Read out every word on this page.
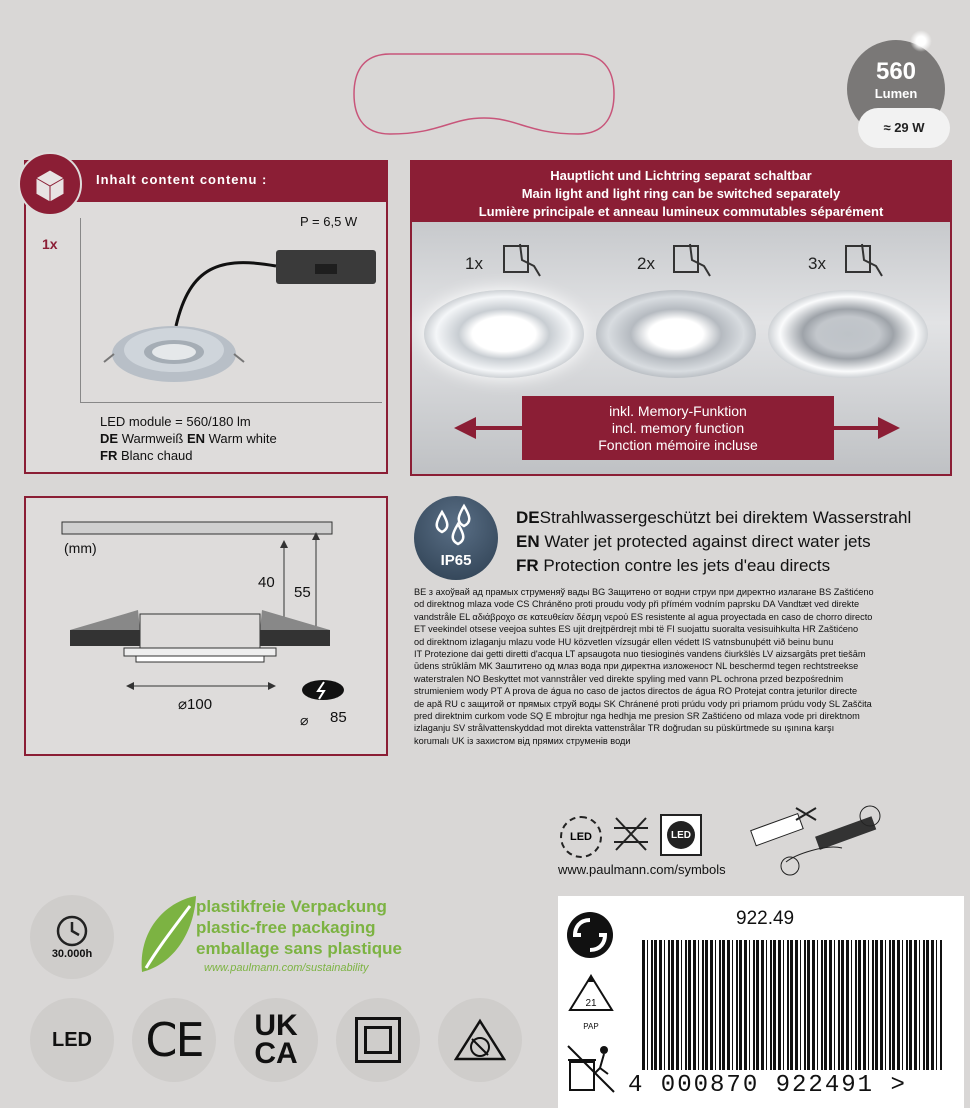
560
Lumen
≈ 29 W
Inhalt content contenu :
1x
P = 6,5 W
LED module = 560/180 lm
DE Warmweiß EN Warm white
FR Blanc chaud
Hauptlicht und Lichtring separat schaltbar
Main light and light ring can be switched separately
Lumière principale et anneau lumineux commutables séparément
1x	2x	3x
inkl. Memory-Funktion
incl. memory function
Fonction mémoire incluse
(mm)
40
55
⌀100
⌀ 85
IP65
DEStrahlwassergeschützt bei direktem Wasserstrahl
EN Water jet protected against direct water jets
FR Protection contre les jets d'eau directs
BE з ахоўвай ад прамых струменяў вады BG Защитено от водни струи при директно излагане BS Zaštićeno
od direktnog mlaza vode CS Chráněno proti proudu vody při přímém vodním paprsku DA Vandtæt ved direkte
vandstråle EL αδιάβροχο σε κατευθείαν δέσμη νερού ES resistente al agua proyectada en caso de chorro directo
ET veekindel otsese veejoa suhtes ES ujit drejtpërdrejt mbi të FI suojattu suoraltа vesisuihkulta HR Zaštićeno
od direktnom izlaganju mlazu vode HU közvetlen vízsugár ellen védett IS vatnsbunuþétt við beinu bunu
IT Protezione dai getti diretti d'acqua LT apsaugota nuo tiesioginės vandens čiurkšlės LV aizsargāts pret tiešām
ūdens strūklām MK Заштитено од млаз вода при директна изложеност NL beschermd tegen rechtstreekse
waterstralen NO Beskyttet mot vannstråler ved direkte spyling med vann PL ochrona przed bezpośrednim
strumieniem wody PT A prova de água no caso de jactos directos de água RO Protejat contra jeturilor directe
de apă RU с защитой от прямых струй воды SK Chránené proti prúdu vody pri priamom prúdu vody SL Zaščita
pred direktnim curkom vode SQ E mbrojtur nga hedhja me presion SR Zaštićeno od mlaza vode pri direktnom
izlaganju SV strålvattenskyddad mot direkta vattenstrålar TR doğrudan su püskürtmede su ışınına karşı
korumalı UK із захистом від прямих струменів води
LED	LED
www.paulmann.com/symbols
30.000h
plastikfreie Verpackung
plastic-free packaging
emballage sans plastique
www.paulmann.com/sustainability
LED CE UK
CA
922.49
21
PAP
4 000870 922491 >
